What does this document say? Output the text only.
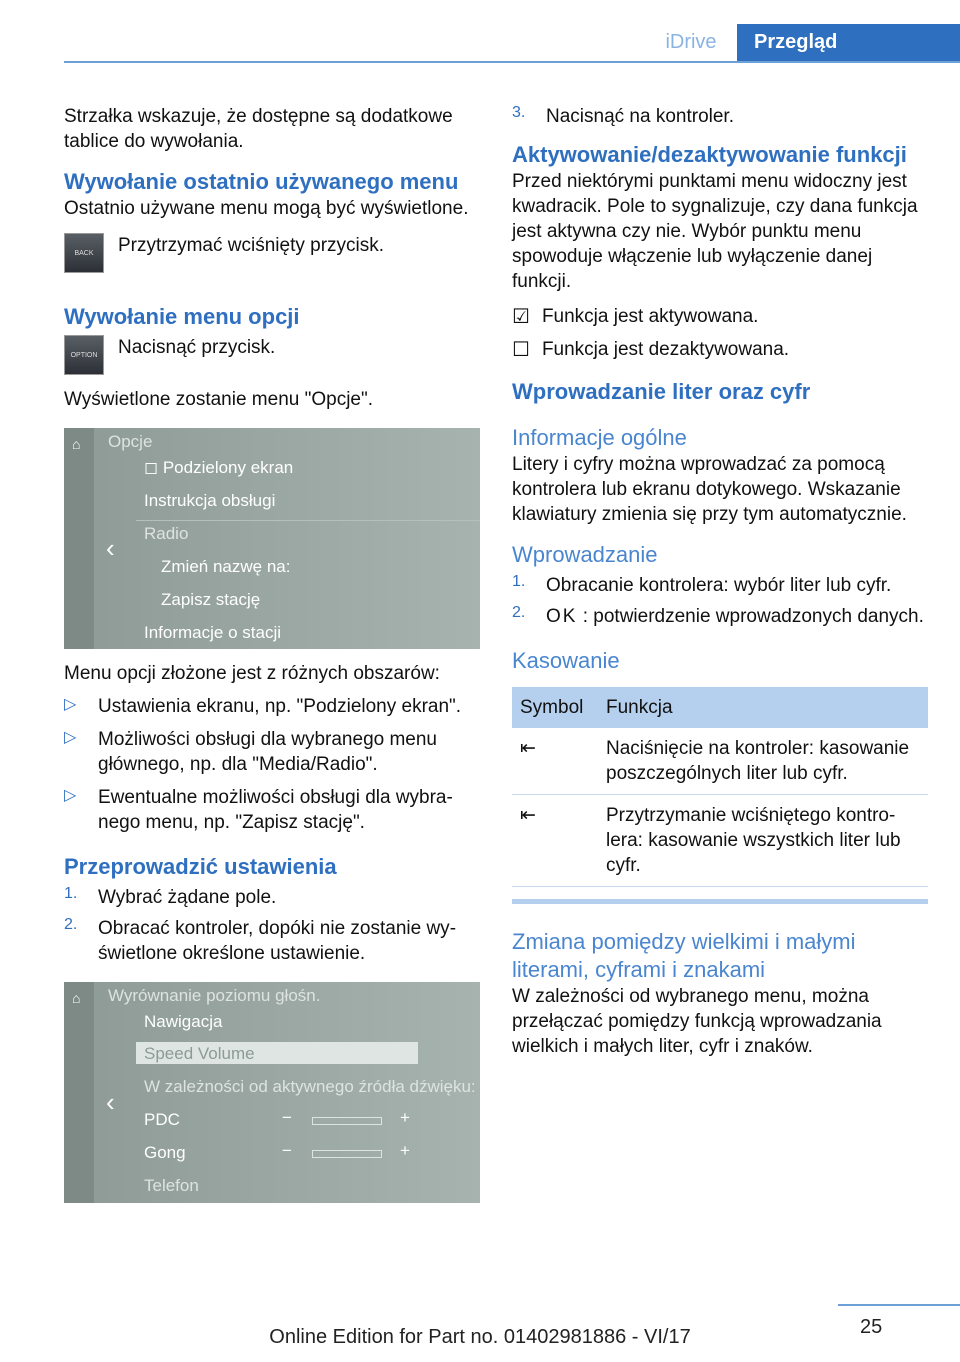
iDrive	Przegląd

Strzałka wskazuje, że dostępne są dodatkowe tablice do wywołania.

Wywołanie ostatnio używanego menu

Ostatnio używane menu mogą być wyświetlone.

BACK	Przytrzymać wciśnięty przycisk.

Wywołanie menu opcji
OPTION	Nacisnąć przycisk.

Wyświetlone zostanie menu "Opcje".

⌂
‹
Opcje
◻ Podzielony ekran
Instrukcja obsługi
Radio
Zmień nazwę na:
Zapisz stację
Informacje o stacji

Menu opcji złożone jest z różnych obszarów:

▷	Ustawienia ekranu, np. "Podzielony ekran".

▷	Możliwości obsługi dla wybranego menu głównego, np. dla "Media/Radio".

▷	Ewentualne możliwości obsługi dla wybranego menu, np. "Zapisz stację".

Przeprowadzić ustawienia
1.	Wybrać żądane pole.

2.	Obracać kontroler, dopóki nie zostanie wyświetlone określone ustawienie.

⌂
‹
Wyrównanie poziomu głośn.
Nawigacja
Speed Volume
W zależności od aktywnego źródła dźwięku:
PDC	−	+
Gong	−	+
Telefon
3.	Nacisnąć na kontroler.

Aktywowanie/dezaktywowanie funkcji

Przed niektórymi punktami menu widoczny jest kwadracik. Pole to sygnalizuje, czy dana funkcja jest aktywna czy nie. Wybór punktu menu spowoduje włączenie lub wyłączenie danej funkcji.

☑ Funkcja jest aktywowana.

☐ Funkcja jest dezaktywowana.

Wprowadzanie liter oraz cyfr
Informacje ogólne

Litery i cyfry można wprowadzać za pomocą kontrolera lub ekranu dotykowego. Wskazanie klawiatury zmienia się przy tym automatycznie.

Wprowadzanie
1.	Obracanie kontrolera: wybór liter lub cyfr.

2.	OK : potwierdzenie wprowadzonych danych.

Kasowanie
Symbol	Funkcja
⇤	Naciśnięcie na kontroler: kasowanie poszczególnych liter lub cyfr.
⇤	Przytrzymanie wciśniętego kontrolera: kasowanie wszystkich liter lub cyfr.
Zmiana pomiędzy wielkimi i małymi literami, cyframi i znakami

W zależności od wybranego menu, można przełączać pomiędzy funkcją wprowadzania wielkich i małych liter, cyfr i znaków.

25
Online Edition for Part no. 01402981886 - VI/17
